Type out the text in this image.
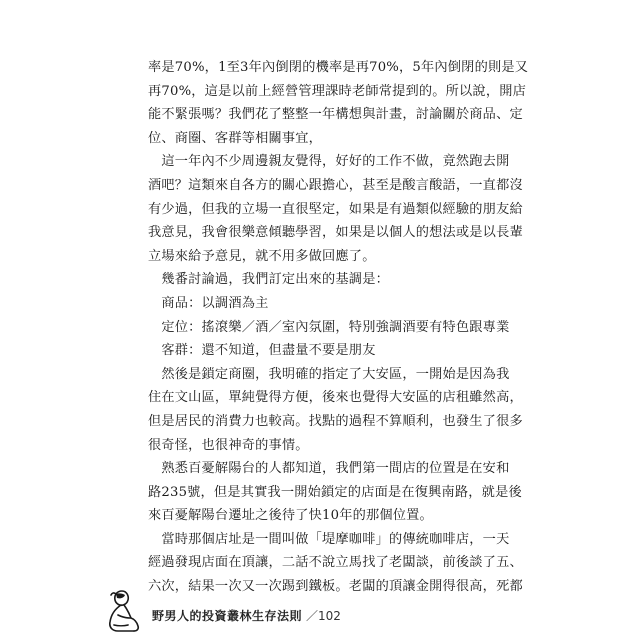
率是70%，1至3年內倒閉的機率是再70%，5年內倒閉的則是又
再70%，這是以前上經營管理課時老師常提到的。所以說，開店
能不緊張嗎？我們花了整整一年構想與計畫，討論關於商品、定
位、商圈、客群等相關事宜，
　這一年內不少周邊親友覺得，好好的工作不做，竟然跑去開
酒吧？這類來自各方的關心跟擔心，甚至是酸言酸語，一直都沒
有少過，但我的立場一直很堅定，如果是有過類似經驗的朋友給
我意見，我會很樂意傾聽學習，如果是以個人的想法或是以長輩
立場來給予意見，就不用多做回應了。
　幾番討論過，我們訂定出來的基調是：
　商品：以調酒為主
　定位：搖滾樂／酒／室內氛圍，特別強調酒要有特色跟專業
　客群：還不知道，但盡量不要是朋友
　然後是鎖定商圈，我明確的指定了大安區，一開始是因為我
住在文山區，單純覺得方便，後來也覺得大安區的店租雖然高，
但是居民的消費力也較高。找點的過程不算順利，也發生了很多
很奇怪，也很神奇的事情。
　熟悉百憂解陽台的人都知道，我們第一間店的位置是在安和
路235號，但是其實我一開始鎖定的店面是在復興南路，就是後
來百憂解陽台遷址之後待了快10年的那個位置。
　當時那個店址是一間叫做「堤摩咖啡」的傳統咖啡店，一天
經過發現店面在頂讓，二話不說立馬找了老闆談，前後談了五、
六次，結果一次又一次踢到鐵板。老闆的頂讓金開得很高，死都
野男人的投資叢林生存法則 ／102
